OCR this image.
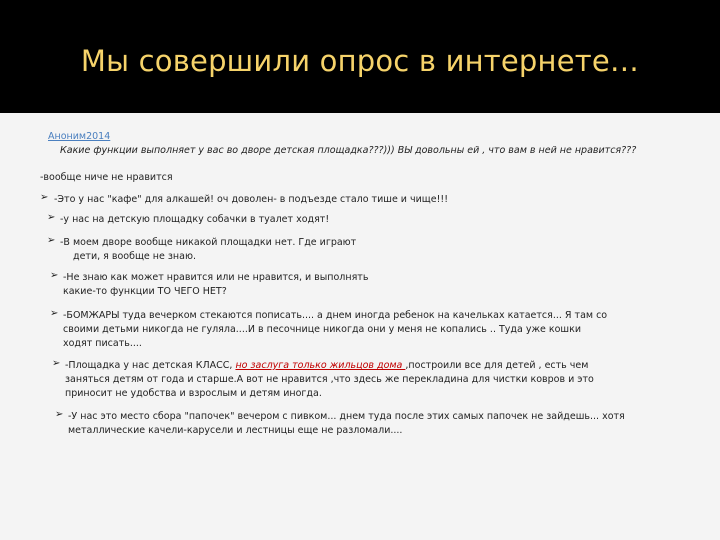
Мы совершили опрос в интернете…
Аноним2014
Какие функции выполняет у вас во дворе детская площадка???))) ВЫ довольны ей , что вам в ней не нравится???
-вообще ниче не нравится
➢ -Это у нас "кафе" для алкашей! оч доволен- в подъезде стало тише и чище!!!
➢ -у нас на детскую площадку собачки в туалет ходят!
➢ -В моем дворе вообще никакой площадки нет. Где играют
дети, я вообще не знаю.
➢ -Не знаю как может нравится или не нравится, и выполнять
какие-то функции ТО ЧЕГО НЕТ?
➢ -БОМЖАРЫ туда вечерком стекаются пописать.... а днем иногда ребенок на качельках катается... Я там со
своими детьми никогда не гуляла....И в песочнице никогда они у меня не копались .. Туда уже кошки
ходят писать....
➢ -Площадка у нас детская КЛАСС, но заслуга только жильцов дома ,построили все для детей , есть чем
заняться детям от года и старше.А вот не нравится ,что здесь же перекладина для чистки ковров и это
приносит не удобства и взрослым и детям иногда.
➢ -У нас это место сбора "папочек" вечером с пивком... днем туда после этих самых папочек не зайдешь... хотя
металлические качели-карусели и лестницы еще не разломали....
